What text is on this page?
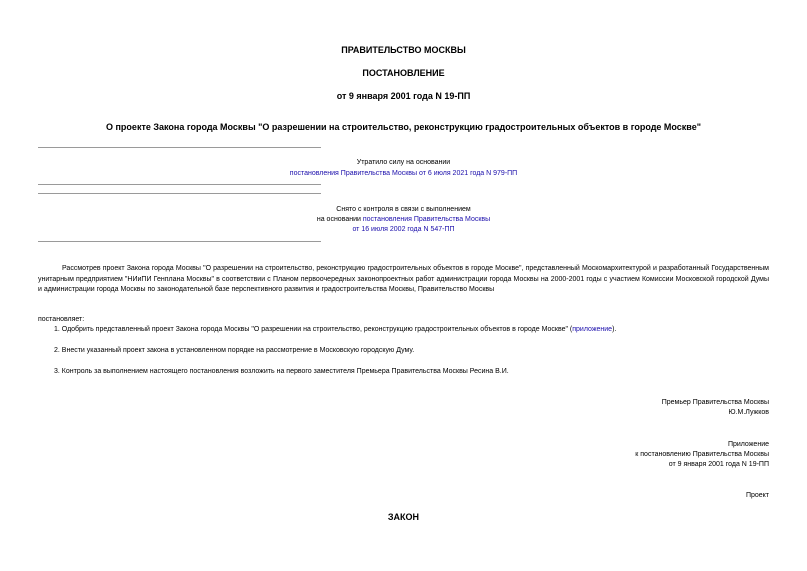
ПРАВИТЕЛЬСТВО МОСКВЫ
ПОСТАНОВЛЕНИЕ
от 9 января 2001 года N 19-ПП
О проекте Закона города Москвы "О разрешении на строительство, реконструкцию градостроительных объектов в городе Москве"
Утратило силу на основании
постановления Правительства Москвы от 6 июля 2021 года N 979-ПП
Снято с контроля в связи с выполнением
на основании постановления Правительства Москвы
от 16 июля 2002 года N 547-ПП
Рассмотрев проект Закона города Москвы "О разрешении на строительство, реконструкцию градостроительных объектов в городе Москве", представленный Москомархитектурой и разработанный Государственным унитарным предприятием "НИиПИ Генплана Москвы" в соответствии с Планом первоочередных законопроектных работ администрации города Москвы на 2000-2001 годы с участием Комиссии Московской городской Думы и администрации города Москвы по законодательной базе перспективного развития и градостроительства Москвы, Правительство Москвы
постановляет:
1. Одобрить представленный проект Закона города Москвы "О разрешении на строительство, реконструкцию градостроительных объектов в городе Москве" (приложение).
2. Внести указанный проект закона в установленном порядке на рассмотрение в Московскую городскую Думу.
3. Контроль за выполнением настоящего постановления возложить на первого заместителя Премьера Правительства Москвы Ресина В.И.
Премьер Правительства Москвы
Ю.М.Лужков
Приложение
к постановлению Правительства Москвы
от 9 января 2001 года N 19-ПП
Проект
ЗАКОН
